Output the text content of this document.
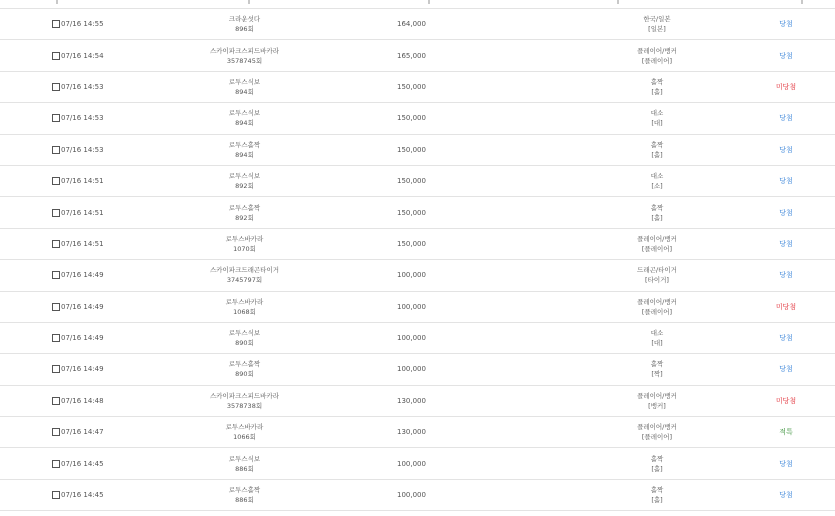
07/16 14:55
크라운섯다
896회
164,000
한국/일본
[일본]
당첨
07/16 14:54
스카이파크스피드바카라
3578745회
165,000
플레이어/뱅커
[플레이어]
당첨
07/16 14:53
로투스식보
894회
150,000
홀짝
[홀]
미당첨
07/16 14:53
로투스식보
894회
150,000
대소
[대]
당첨
07/16 14:53
로투스홀짝
894회
150,000
홀짝
[홀]
당첨
07/16 14:51
로투스식보
892회
150,000
대소
[소]
당첨
07/16 14:51
로투스홀짝
892회
150,000
홀짝
[홀]
당첨
07/16 14:51
로투스바카라
1070회
150,000
플레이어/뱅커
[플레이어]
당첨
07/16 14:49
스카이파크드래곤타이거
3745797회
100,000
드래곤/타이거
[타이거]
당첨
07/16 14:49
로투스바카라
1068회
100,000
플레이어/뱅커
[플레이어]
미당첨
07/16 14:49
로투스식보
890회
100,000
대소
[대]
당첨
07/16 14:49
로투스홀짝
890회
100,000
홀짝
[짝]
당첨
07/16 14:48
스카이파크스피드바카라
3578738회
130,000
플레이어/뱅커
[뱅커]
미당첨
07/16 14:47
로투스바카라
1066회
130,000
플레이어/뱅커
[플레이어]
적특
07/16 14:45
로투스식보
886회
100,000
홀짝
[홀]
당첨
07/16 14:45
로투스홀짝
886회
100,000
홀짝
[홀]
당첨
